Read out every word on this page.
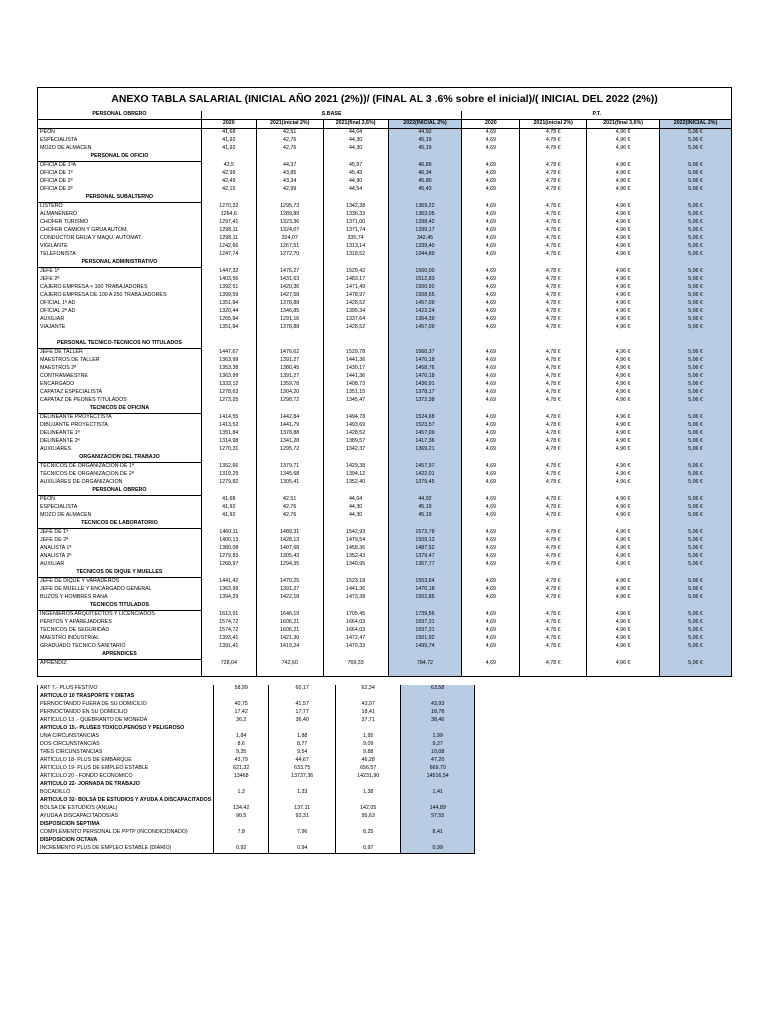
ANEXO TABLA SALARIAL (INICIAL AÑO 2021 (2%))/ (FINAL AL 3 .6% sobre el inicial)/( INICIAL DEL 2022 (2%))
PERSONAL OBRERO	S.BASE				P.T.			
	2020	2021(inicial 2%)	2021(final 3,6%)	2022(INICIAL 2%)	2020	2021(inicial 2%)	2021(final 3,6%)	2022(INICIAL 2%)
PEON	41,68	42,51	44,04	44,92	4,69	4,78 €	4,96 €	5,06 €
ESPECIALISTA	41,92	42,76	44,30	45,19	4,69	4,78 €	4,96 €	5,06 €
MOZO DE ALMACEN	41,92	42,76	44,30	45,19	4,69	4,78 €	4,96 €	5,06 €
PERSONAL DE OFICIO								
OFICIA DE 1ºA	43,5	44,37	45,97	46,89	4,69	4,78 €	4,96 €	5,06 €
OFICIA DE 1ª	42,99	43,85	45,43	46,34	4,69	4,78 €	4,96 €	5,06 €
OFICIA DE 2ª	42,49	43,34	44,90	45,80	4,69	4,78 €	4,96 €	5,06 €
OFICIA DE 3ª	42,15	42,99	44,54	45,43	4,69	4,78 €	4,96 €	5,06 €
PERSONAL SUBALTERNO								
LISTERO	1270,32	1295,73	1342,38	1369,22	4,69	4,78 €	4,96 €	5,06 €
ALMANENERO	1264,6	1289,89	1336,33	1363,05	4,69	4,78 €	4,96 €	5,06 €
CHOFER TURISMO	1297,41	1323,36	1371,00	1398,42	4,69	4,78 €	4,96 €	5,06 €
CHOFER CAMION Y GRUA AUTOM.	1298,11	1324,07	1371,74	1399,17	4,69	4,78 €	4,96 €	5,06 €
CONDUCTOR GRUA Y MAQU. AUTOMAT.	1298,11	324,07	335,74	342,45	4,69	4,78 €	4,96 €	5,06 €
VIGILANTE	1242,66	1267,51	1313,14	1339,40	4,69	4,78 €	4,96 €	5,06 €
TELEFONISTA	1247,74	1272,70	1318,52	1344,89	4,69	4,78 €	4,96 €	5,06 €
PERSONAL ADMINISTRATIVO								
JEFE 1ª	1447,32	1476,27	1529,42	1560,00	4,69	4,78 €	4,96 €	5,06 €
JEFE 2ª	1403,56	1431,63	1483,17	1512,83	4,69	4,78 €	4,96 €	5,06 €
CAJERO EMPRESA < 100 TRABAJADORES	1392,51	1420,36	1471,49	1500,92	4,69	4,78 €	4,96 €	5,06 €
CAJERO EMPRESA DE 100 A 250 TRABAJADORES	1399,59	1427,58	1478,97	1508,55	4,69	4,78 €	4,96 €	5,06 €
OFICIAL 1ª AD	1351,84	1378,88	1428,52	1457,09	4,69	4,78 €	4,96 €	5,06 €
OFICIAL 2ª AD	1320,44	1346,85	1395,34	1423,24	4,69	4,78 €	4,96 €	5,06 €
AUXILIAR	1265,84	1291,16	1337,64	1364,39	4,69	4,78 €	4,96 €	5,06 €
VIAJANTE	1351,84	1378,88	1428,52	1457,09	4,69	4,78 €	4,96 €	5,06 €

PERSONAL TECNICO-TECNICOS NO TITULADOS								
JEFE DE TALLER	1447,67	1476,62	1529,78	1560,37	4,69	4,78 €	4,96 €	5,06 €
MAESTROS DE TALLER	1363,99	1391,27	1441,36	1470,18	4,69	4,78 €	4,96 €	5,06 €
MAESTROS 2ª	1353,38	1380,45	1430,17	1458,76	4,69	4,78 €	4,96 €	5,06 €
CONTRAMAESTRE	1363,99	1391,27	1441,36	1470,18	4,69	4,78 €	4,96 €	5,06 €
ENCARGADO	1333,12	1359,78	1408,73	1436,91	4,69	4,78 €	4,96 €	5,06 €
CAPATAZ ESPECIALISTA	1278,63	1304,20	1351,15	1378,17	4,69	4,78 €	4,96 €	5,06 €
CAPATAZ DE PEONES TITULADOS	1273,25	1298,72	1345,47	1372,38	4,69	4,78 €	4,96 €	5,06 €
TECNICOS DE OFICINA								
DELINEANTE PROYECTISTA	1414,55	1442,84	1494,78	1524,68	4,69	4,78 €	4,96 €	5,06 €
DIBUJANTE PROYECTISTA	1413,52	1441,79	1493,69	1523,57	4,69	4,78 €	4,96 €	5,06 €
DELINEANTE 1ª	1351,84	1378,88	1428,52	1457,09	4,69	4,78 €	4,96 €	5,06 €
DELINEANTE 2ª	1314,98	1341,28	1389,57	1417,36	4,69	4,78 €	4,96 €	5,06 €
AUXILIARES	1270,31	1295,72	1342,37	1369,21	4,69	4,78 €	4,96 €	5,06 €
ORGANIZACIÓN DEL TRABAJO								
TECNICOS DE ORGANIZACIÓN DE 1ª	1352,66	1379,71	1429,38	1457,97	4,69	4,78 €	4,96 €	5,06 €
TECNICOS DE ORGANIZACIÓN DE 2ª	1319,29	1345,68	1394,12	1422,01	4,69	4,78 €	4,96 €	5,06 €
AUXILIARES DE ORGANIZACIÓN	1279,82	1305,41	1352,40	1379,45	4,69	4,78 €	4,96 €	5,06 €
PERSONAL OBRERO								
PEON	41,68	42,51	44,04	44,92	4,69	4,78 €	4,96 €	5,06 €
ESPECIALISTA	41,92	42,76	44,30	45,19	4,69	4,78 €	4,96 €	5,06 €
MOZO DE ALMACEN	41,92	42,76	44,30	45,19	4,69	4,78 €	4,96 €	5,06 €
TECNICOS DE LABORATORIO								
JEFE DE 1ª	1460,11	1489,31	1542,93	1573,78	4,69	4,78 €	4,96 €	5,06 €
JEFE DE 2ª	1400,13	1428,13	1479,54	1509,13	4,69	4,78 €	4,96 €	5,06 €
ANALISTA 1ª	1380,08	1407,68	1458,36	1487,52	4,69	4,78 €	4,96 €	5,06 €
ANALISTA 2ª	1279,83	1305,43	1352,43	1379,47	4,69	4,78 €	4,96 €	5,06 €
AUXILIAR	1268,97	1294,35	1340,95	1367,77	4,69	4,78 €	4,96 €	5,06 €
TECNICOS DE DIQUE Y MUELLES								
JEFE DE DIQUE Y VARADEROS	1441,42	1470,25	1523,18	1553,64	4,69	4,78 €	4,96 €	5,06 €
JEFE DE MUELLE Y ENCARGADO GENERAL	1363,99	1391,27	1441,36	1470,18	4,69	4,78 €	4,96 €	5,06 €
BUZOS Y HOMBRES RANA	1394,29	1422,18	1473,38	1502,85	4,69	4,78 €	4,96 €	5,06 €
TECNICOS TITULADOS								
INGENIEROS ARQUITECTOS Y LICENCIADOS	1613,91	1646,19	1705,45	1739,56	4,69	4,78 €	4,96 €	5,06 €
PERITOS Y APAREJADORES	1574,72	1606,21	1664,03	1697,31	4,69	4,78 €	4,96 €	5,06 €
TECNICOS DE SEGURIDAD	1574,72	1606,21	1664,03	1697,31	4,69	4,78 €	4,96 €	5,06 €
MAESTRO INDUSTRIAL	1393,41	1421,30	1472,47	1501,92	4,69	4,78 €	4,96 €	5,06 €
GRADUADO TECNICO SANITARIO	1391,41	1419,24	1470,33	1499,74	4,69	4,78 €	4,96 €	5,06 €
APRENDICES								
APRENDIZ	728,04	742,60	769,33	784,72	4,69	4,78 €	4,96 €	5,06 €

ART 7.- PLUS FESTIVO	58,99	60,17	62,34	63,58
ARTICULO 10 TRASPORTE Y DIETAS				
PERNOCTANDO FUERA DE SU DOMICILIO	40,75	41,57	43,07	43,93
PERNOCTANDO EN SU DOMICILIO	17,42	17,77	18,41	18,78
ARTICULO 13 .- QUEBRANTO DE MONEDA	36,2	36,40	37,71	38,46
ARTICULO 15.- PLUSES TOXICO,PENOSO Y PELIGROSO				
UNA CIRCUNSTANCIAS	1,84	1,88	1,95	1,99
DOS CIRCUNSTANCIAS	8,6	8,77	9,09	9,27
TRES CIRCUNSTANCIAS	9,35	9,54	9,88	10,08
ARTICULO 18- PLUS DE EMBARQUE	43,79	44,67	46,28	47,20
ARTICULO 19- PLUS DE EMPLEO ESTABLE	621,32	633,75	656,57	669,70
ARTICULO 20 - FONDO ECONOMICO	13468	13737,36	14231,90	14516,54
ARTICULO 22- JORNADA DE TRABAJO				
BOCADILLO	1,3	1,33	1,38	1,41
ARTICULO 32- BOLSA DE ESTUDIOS Y AYUDA A DISCAPACITADOS				
BOLSA DE ESTUDIOS (ANUAL)	134,42	137,11	142,05	144,89
AYUDA A DISCAPACITADOS/AS	90,5	92,31	95,63	97,55
DISPOSICION SEPTIMA				
COMPLEMENTO PERSONAL DE PPTP (INCONDICIONADO)	7,8	7,96	8,25	8,41
DISPOSICION OCTAVA				
INCREMENTO PLUS DE EMPLEO ESTABLE (DIARIO)	0,92	0,94	0,97	0,99
